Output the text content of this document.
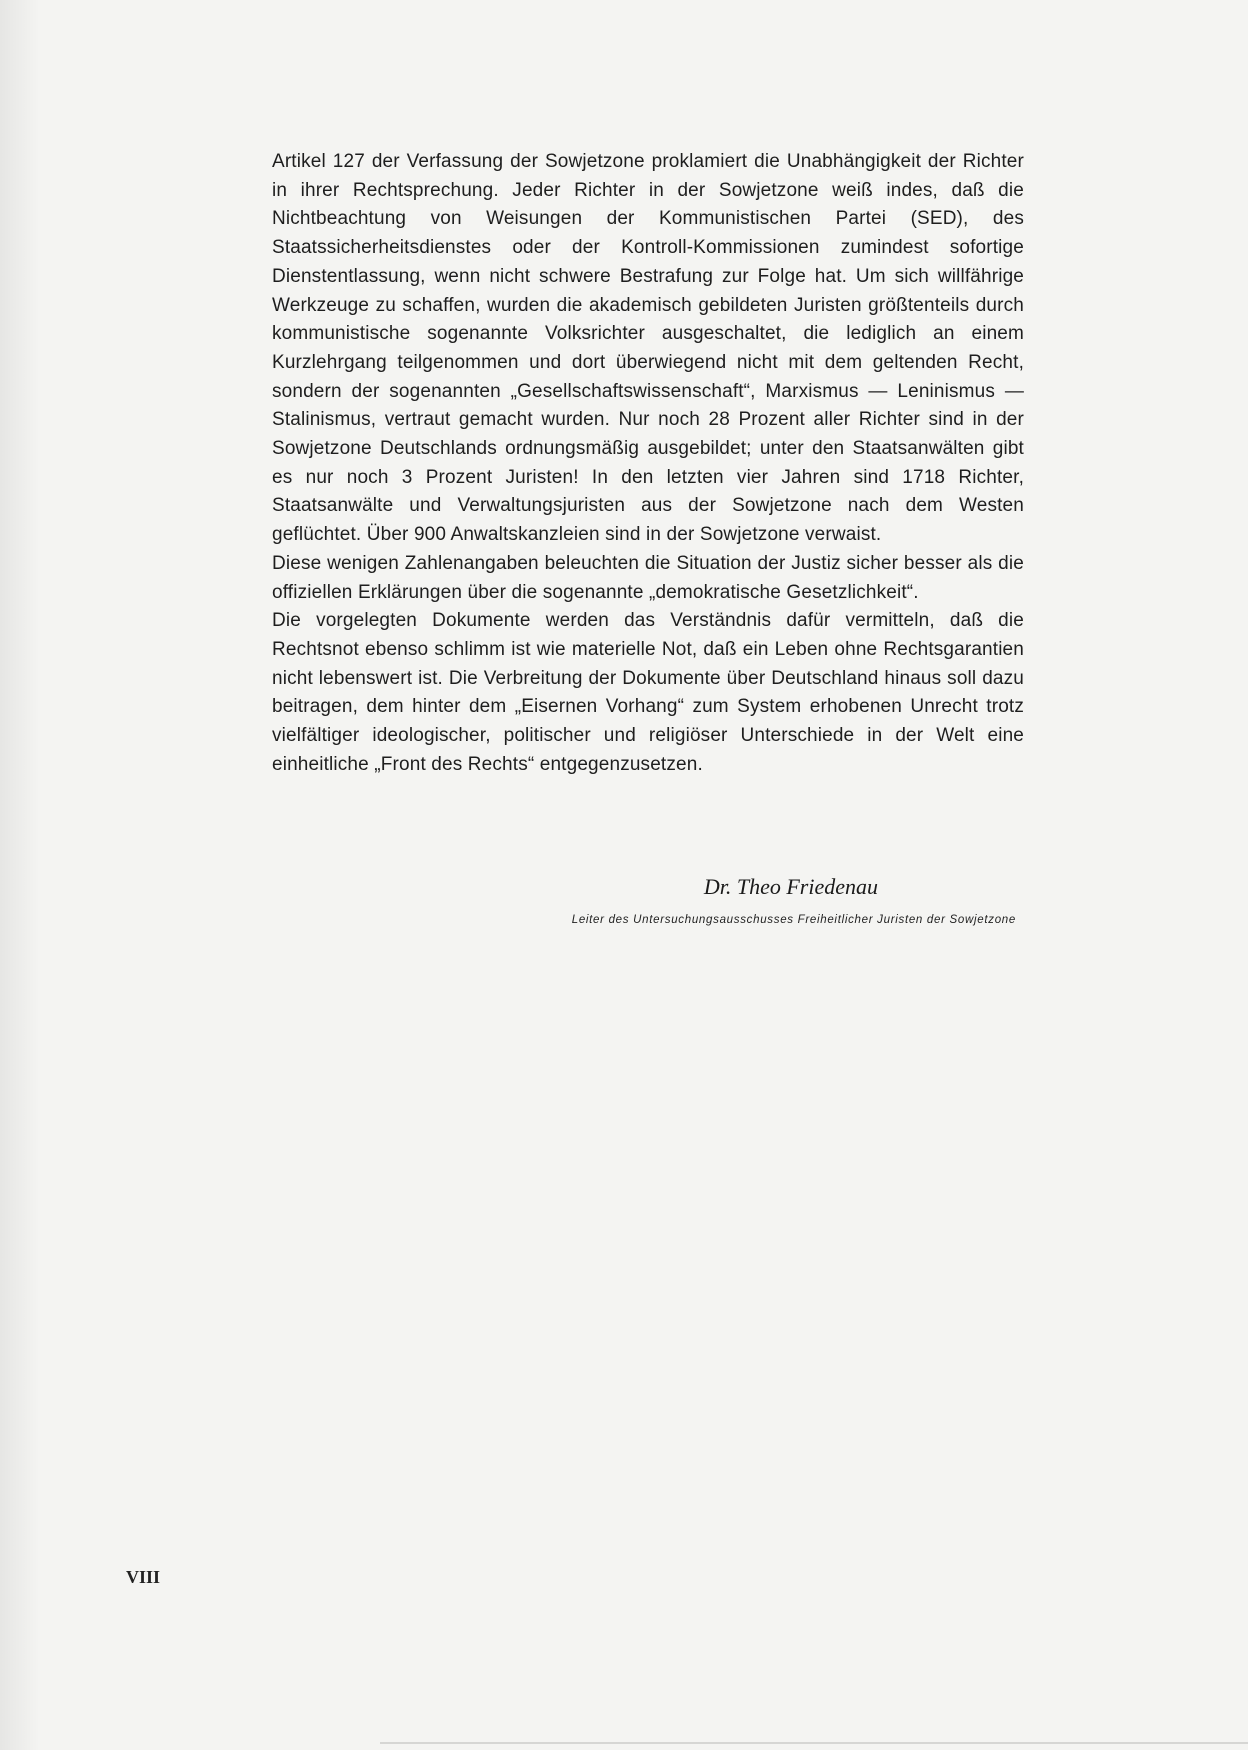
Artikel 127 der Verfassung der Sowjetzone proklamiert die Unabhängigkeit der Richter in ihrer Rechtsprechung. Jeder Richter in der Sowjetzone weiß indes, daß die Nichtbeachtung von Weisungen der Kommunistischen Partei (SED), des Staatssicherheitsdienstes oder der Kontroll-Kommissionen zumindest sofortige Dienstentlassung, wenn nicht schwere Bestrafung zur Folge hat. Um sich willfährige Werkzeuge zu schaffen, wurden die akademisch gebildeten Juristen größtenteils durch kommunistische sogenannte Volksrichter ausgeschaltet, die lediglich an einem Kurzlehrgang teilgenommen und dort überwiegend nicht mit dem geltenden Recht, sondern der sogenannten „Gesellschaftswissenschaft“, Marxismus — Leninismus — Stalinismus, vertraut gemacht wurden. Nur noch 28 Prozent aller Richter sind in der Sowjetzone Deutschlands ordnungsmäßig ausgebildet; unter den Staatsanwälten gibt es nur noch 3 Prozent Juristen! In den letzten vier Jahren sind 1718 Richter, Staatsanwälte und Verwaltungsjuristen aus der Sowjetzone nach dem Westen geflüchtet. Über 900 Anwaltskanzleien sind in der Sowjetzone verwaist.

Diese wenigen Zahlenangaben beleuchten die Situation der Justiz sicher besser als die offiziellen Erklärungen über die sogenannte „demokratische Gesetzlichkeit“.

Die vorgelegten Dokumente werden das Verständnis dafür vermitteln, daß die Rechtsnot ebenso schlimm ist wie materielle Not, daß ein Leben ohne Rechtsgarantien nicht lebenswert ist. Die Verbreitung der Dokumente über Deutschland hinaus soll dazu beitragen, dem hinter dem „Eisernen Vorhang“ zum System erhobenen Unrecht trotz vielfältiger ideologischer, politischer und religiöser Unterschiede in der Welt eine einheitliche „Front des Rechts“ entgegenzusetzen.

Dr. Theo Friedenau
Leiter des Untersuchungsausschusses Freiheitlicher Juristen der Sowjetzone
VIII
